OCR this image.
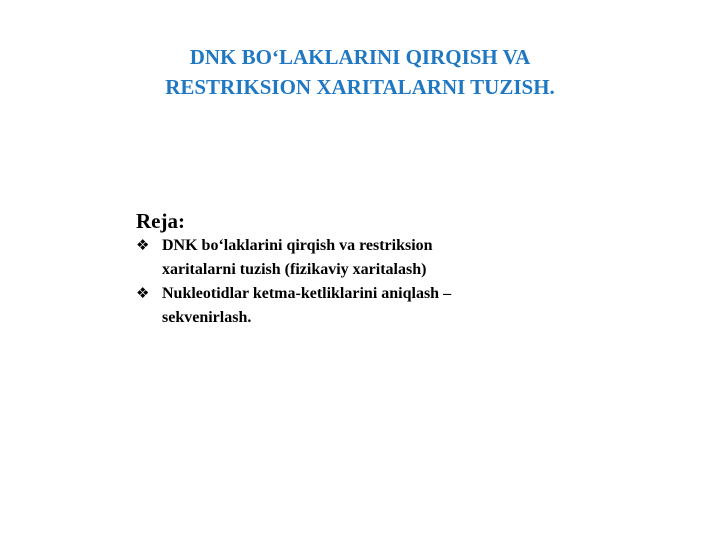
DNK BO‘LAKLARINI QIRQISH VA
RESTRIKSION XARITALARNI TUZISH.

Reja:

❖ DNK bo‘laklarini qirqish va restriksion
xaritalarni tuzish (fizikaviy xaritalash)
❖ Nukleotidlar ketma-ketliklarini aniqlash –
sekvenirlash.
